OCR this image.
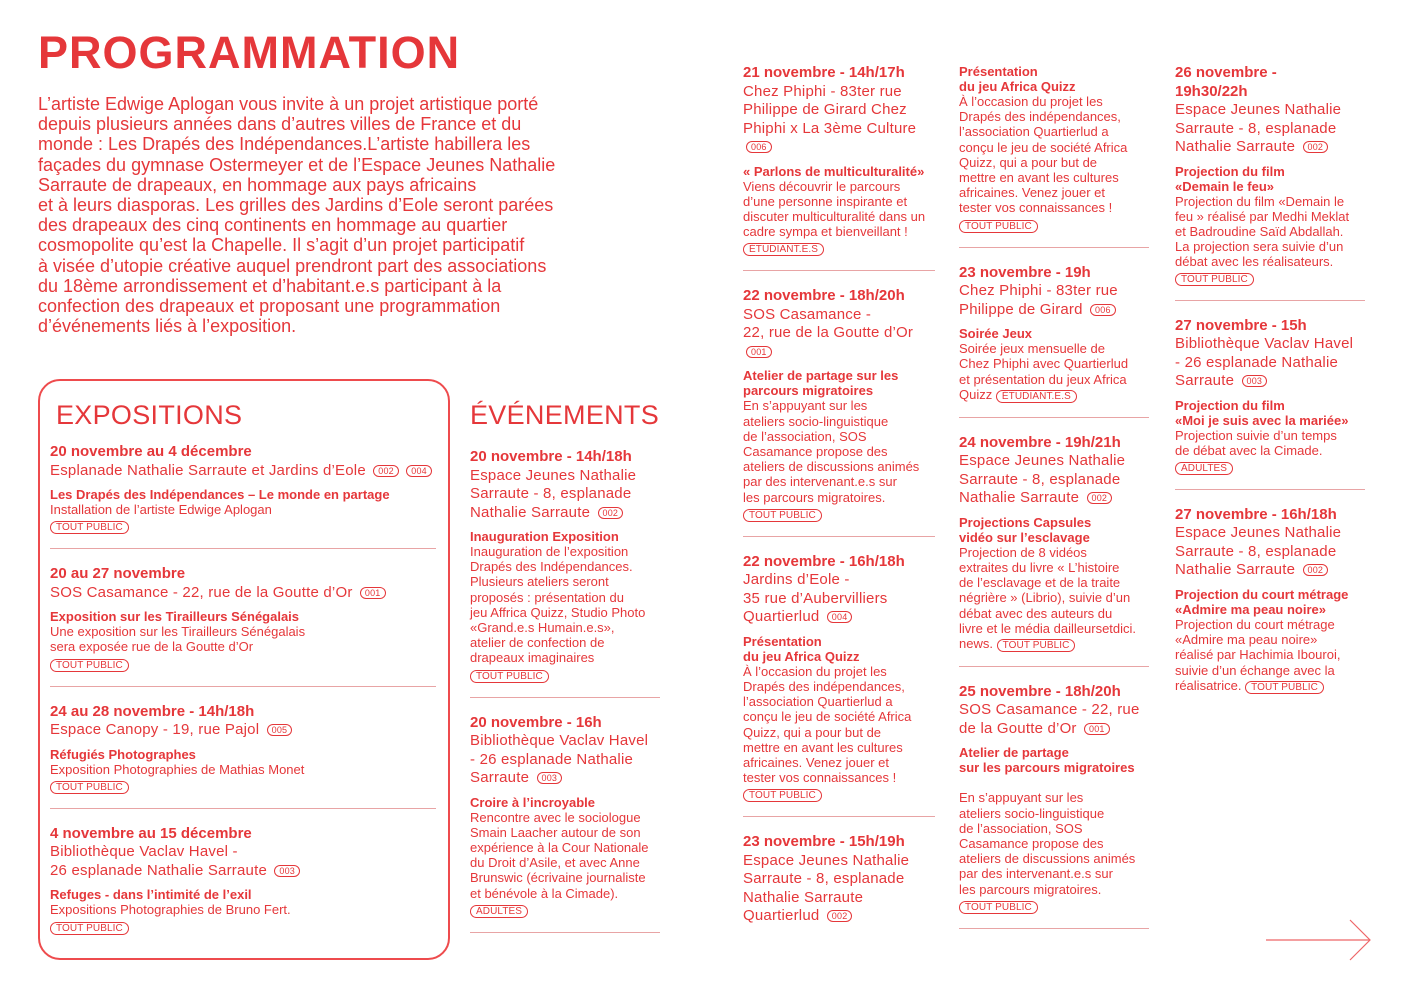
PROGRAMMATION
L’artiste Edwige Aplogan vous invite à un projet artistique porté
depuis plusieurs années dans d’autres villes de France et du
monde : Les Drapés des Indépendances.L’artiste habillera les
façades du gymnase Ostermeyer et de l’Espace Jeunes Nathalie
Sarraute de drapeaux, en hommage aux pays africains
et à leurs diasporas. Les grilles des Jardins d’Eole seront parées
des drapeaux des cinq continents en hommage au quartier
cosmopolite qu’est la Chapelle. Il s’agit d’un projet participatif
à visée d’utopie créative auquel prendront part des associations
du 18ème arrondissement et d’habitant.e.s participant à la
confection des drapeaux et proposant une programmation
d’événements liés à l’exposition.
EXPOSITIONS
20 novembre au 4 décembre
Esplanade Nathalie Sarraute et Jardins d’Eole 002 004
Les Drapés des Indépendances – Le monde en partage
Installation de l’artiste Edwige Aplogan
TOUT PUBLIC
20 au 27 novembre
SOS Casamance - 22, rue de la Goutte d’Or 001
Exposition sur les Tirailleurs Sénégalais
Une exposition sur les Tirailleurs Sénégalais
sera exposée rue de la Goutte d’Or
TOUT PUBLIC
24 au 28 novembre - 14h/18h
Espace Canopy - 19, rue Pajol 005
Réfugiés Photographes
Exposition Photographies de Mathias Monet
TOUT PUBLIC
4 novembre au 15 décembre
Bibliothèque Vaclav Havel -
26 esplanade Nathalie Sarraute 003
Refuges - dans l’intimité de l’exil
Expositions Photographies de Bruno Fert.
TOUT PUBLIC
ÉVÉNEMENTS
20 novembre - 14h/18h
Espace Jeunes Nathalie
Sarraute - 8, esplanade
Nathalie Sarraute 002
Inauguration Exposition
Inauguration de l’exposition
Drapés des Indépendances.
Plusieurs ateliers seront
proposés : présentation du
jeu Affrica Quizz, Studio Photo
«Grand.e.s Humain.e.s»,
atelier de confection de
drapeaux imaginaires
TOUT PUBLIC
20 novembre - 16h
Bibliothèque Vaclav Havel
- 26 esplanade Nathalie
Sarraute 003
Croire à l’incroyable
Rencontre avec le sociologue
Smain Laacher autour de son
expérience à la Cour Nationale
du Droit d’Asile, et avec Anne
Brunswic (écrivaine journaliste
et bénévole à la Cimade).
ADULTES
21 novembre - 14h/17h
Chez Phiphi - 83ter rue
Philippe de Girard Chez
Phiphi x La 3ème Culture 006
« Parlons de multiculturalité»
Viens découvrir le parcours
d’une personne inspirante et
discuter multiculturalité dans un
cadre sympa et bienveillant !
ÉTUDIANT.E.S
22 novembre - 18h/20h
SOS Casamance -
22, rue de la Goutte d’Or 001
Atelier de partage sur les
parcours migratoires
En s’appuyant sur les
ateliers socio-linguistique
de l’association, SOS
Casamance propose des
ateliers de discussions animés
par des intervenant.e.s sur
les parcours migratoires.
TOUT PUBLIC
22 novembre - 16h/18h
Jardins d’Eole -
35 rue d’Aubervilliers
Quartierlud 004
Présentation
du jeu Africa Quizz
À l’occasion du projet les
Drapés des indépendances,
l’association Quartierlud a
conçu le jeu de société Africa
Quizz, qui a pour but de
mettre en avant les cultures
africaines. Venez jouer et
tester vos connaissances !
TOUT PUBLIC
23 novembre - 15h/19h
Espace Jeunes Nathalie
Sarraute - 8, esplanade
Nathalie Sarraute
Quartierlud 002
Présentation
du jeu Africa Quizz
À l’occasion du projet les
Drapés des indépendances,
l’association Quartierlud a
conçu le jeu de société Africa
Quizz, qui a pour but de
mettre en avant les cultures
africaines. Venez jouer et
tester vos connaissances !
TOUT PUBLIC
23 novembre - 19h
Chez Phiphi - 83ter rue
Philippe de Girard 006
Soirée Jeux
Soirée jeux mensuelle de
Chez Phiphi avec Quartierlud
et présentation du jeux Africa
Quizz ÉTUDIANT.E.S
24 novembre - 19h/21h
Espace Jeunes Nathalie
Sarraute - 8, esplanade
Nathalie Sarraute 002
Projections Capsules
vidéo sur l’esclavage
Projection de 8 vidéos
extraites du livre « L’histoire
de l’esclavage et de la traite
négrière » (Librio), suivie d’un
débat avec des auteurs du
livre et le média dailleursetdici.
news. TOUT PUBLIC
25 novembre - 18h/20h
SOS Casamance - 22, rue
de la Goutte d’Or 001
Atelier de partage
sur les parcours migratoires
En s’appuyant sur les
ateliers socio-linguistique
de l’association, SOS
Casamance propose des
ateliers de discussions animés
par des intervenant.e.s sur
les parcours migratoires.
TOUT PUBLIC
26 novembre -
19h30/22h
Espace Jeunes Nathalie
Sarraute - 8, esplanade
Nathalie Sarraute 002
Projection du film
«Demain le feu»
Projection du film «Demain le
feu » réalisé par Medhi Meklat
et Badroudine Saïd Abdallah.
La projection sera suivie d’un
débat avec les réalisateurs. TOUT PUBLIC
27 novembre - 15h
Bibliothèque Vaclav Havel
- 26 esplanade Nathalie
Sarraute 003
Projection du film
«Moi je suis avec la mariée»
Projection suivie d’un temps
de débat avec la Cimade.
ADULTES
27 novembre - 16h/18h
Espace Jeunes Nathalie
Sarraute - 8, esplanade
Nathalie Sarraute 002
Projection du court métrage
«Admire ma peau noire»
Projection du court métrage
«Admire ma peau noire»
réalisé par Hachimia Ibouroi,
suivie d’un échange avec la
réalisatrice. TOUT PUBLIC
